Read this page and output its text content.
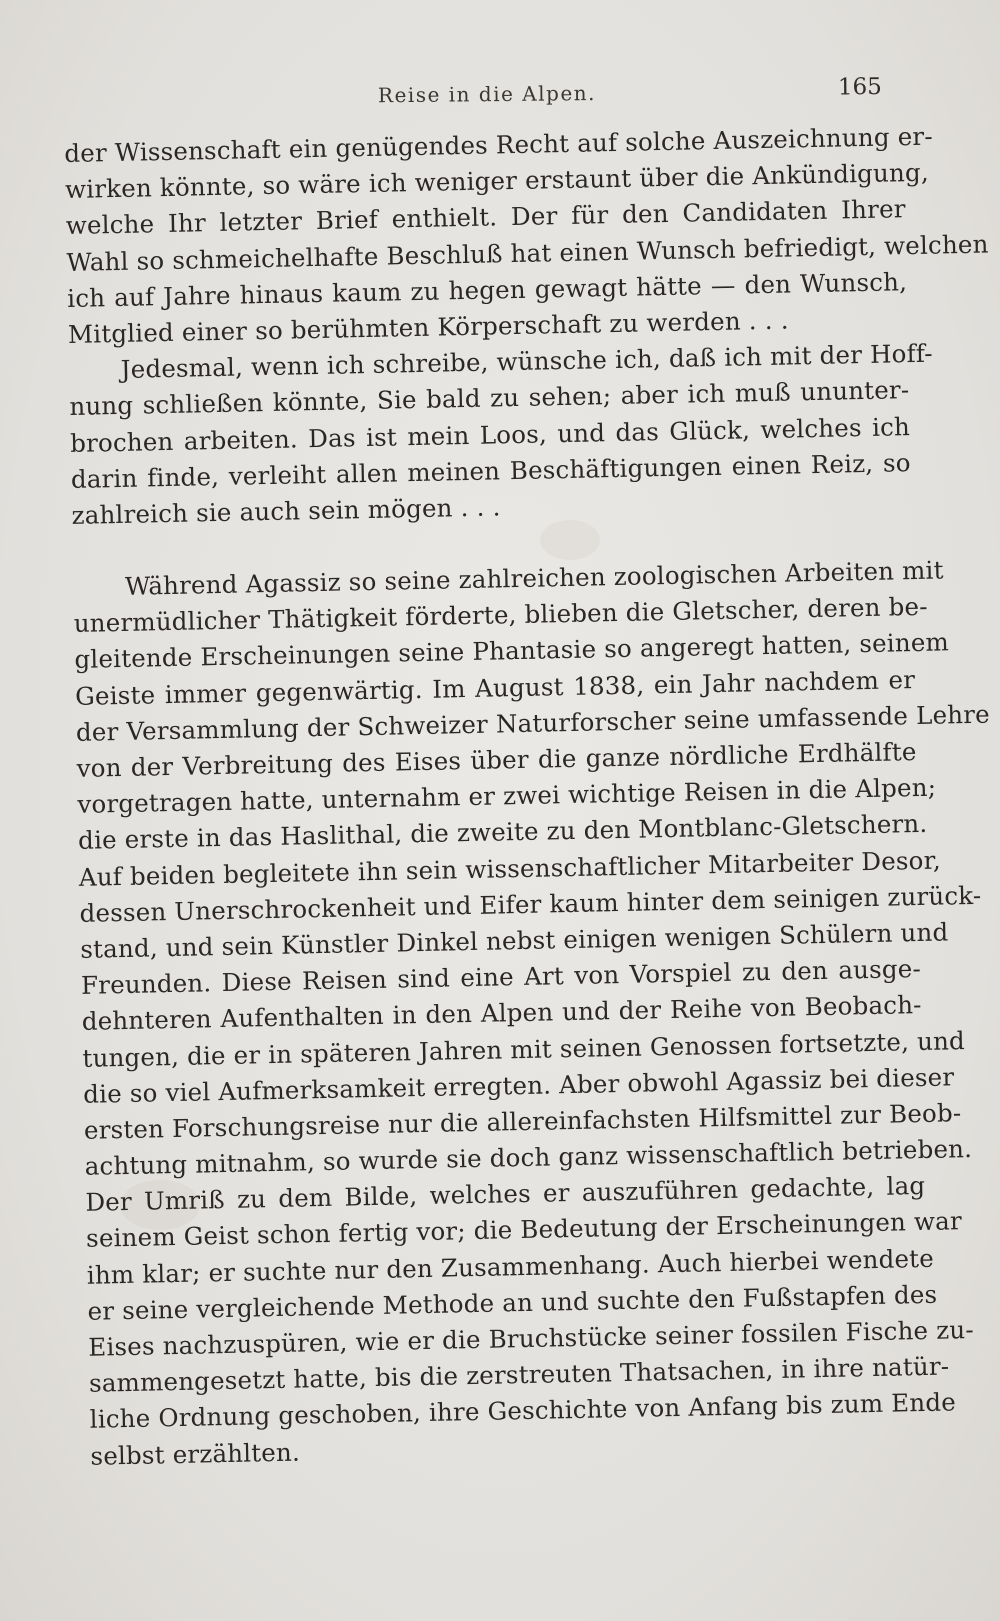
Reise in die Alpen.	165
der Wissenschaft ein genügendes Recht auf solche Auszeichnung er-
wirken könnte, so wäre ich weniger erstaunt über die Ankündigung,
welche Ihr letzter Brief enthielt. Der für den Candidaten Ihrer
Wahl so schmeichelhafte Beschluß hat einen Wunsch befriedigt, welchen
ich auf Jahre hinaus kaum zu hegen gewagt hätte — den Wunsch,
Mitglied einer so berühmten Körperschaft zu werden . . .
Jedesmal, wenn ich schreibe, wünsche ich, daß ich mit der Hoff-
nung schließen könnte, Sie bald zu sehen; aber ich muß ununter-
brochen arbeiten. Das ist mein Loos, und das Glück, welches ich
darin finde, verleiht allen meinen Beschäftigungen einen Reiz, so
zahlreich sie auch sein mögen . . .
Während Agassiz so seine zahlreichen zoologischen Arbeiten mit
unermüdlicher Thätigkeit förderte, blieben die Gletscher, deren be-
gleitende Erscheinungen seine Phantasie so angeregt hatten, seinem
Geiste immer gegenwärtig. Im August 1838, ein Jahr nachdem er
der Versammlung der Schweizer Naturforscher seine umfassende Lehre
von der Verbreitung des Eises über die ganze nördliche Erdhälfte
vorgetragen hatte, unternahm er zwei wichtige Reisen in die Alpen;
die erste in das Haslithal, die zweite zu den Montblanc-Gletschern.
Auf beiden begleitete ihn sein wissenschaftlicher Mitarbeiter Desor,
dessen Unerschrockenheit und Eifer kaum hinter dem seinigen zurück-
stand, und sein Künstler Dinkel nebst einigen wenigen Schülern und
Freunden. Diese Reisen sind eine Art von Vorspiel zu den ausge-
dehnteren Aufenthalten in den Alpen und der Reihe von Beobach-
tungen, die er in späteren Jahren mit seinen Genossen fortsetzte, und
die so viel Aufmerksamkeit erregten. Aber obwohl Agassiz bei dieser
ersten Forschungsreise nur die allereinfachsten Hilfsmittel zur Beob-
achtung mitnahm, so wurde sie doch ganz wissenschaftlich betrieben.
Der Umriß zu dem Bilde, welches er auszuführen gedachte, lag
seinem Geist schon fertig vor; die Bedeutung der Erscheinungen war
ihm klar; er suchte nur den Zusammenhang. Auch hierbei wendete
er seine vergleichende Methode an und suchte den Fußstapfen des
Eises nachzuspüren, wie er die Bruchstücke seiner fossilen Fische zu-
sammengesetzt hatte, bis die zerstreuten Thatsachen, in ihre natür-
liche Ordnung geschoben, ihre Geschichte von Anfang bis zum Ende
selbst erzählten.
